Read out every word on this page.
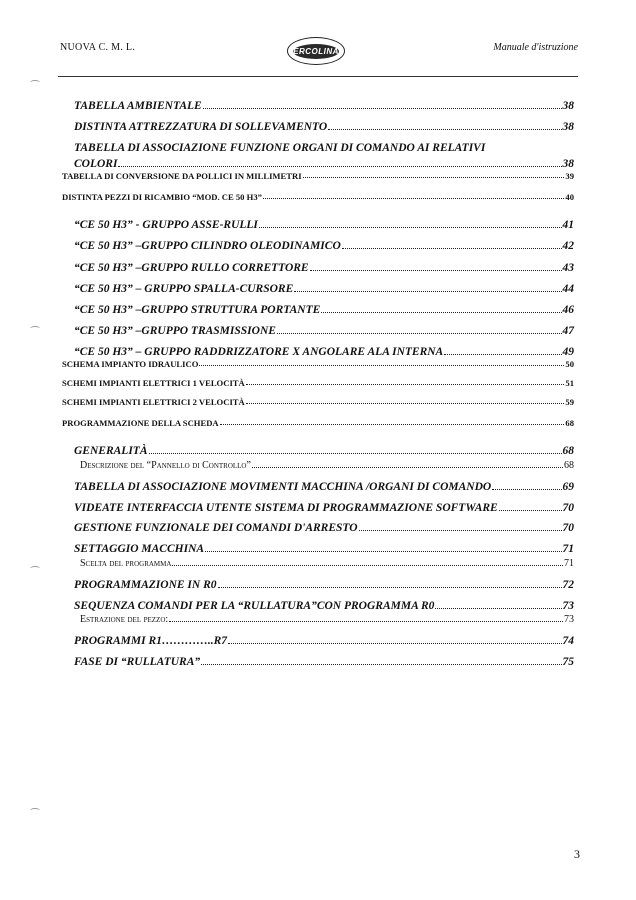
NUOVA C. M. L.	ERCOLINA	Manuale d'istruzione
TABELLA AMBIENTALE	38
DISTINTA ATTREZZATURA DI SOLLEVAMENTO	38
TABELLA DI ASSOCIAZIONE FUNZIONE ORGANI DI COMANDO AI RELATIVI
COLORI	38
TABELLA DI CONVERSIONE DA POLLICI IN MILLIMETRI	39
DISTINTA PEZZI DI RICAMBIO “MOD. CE 50 H3”	40
“CE 50 H3” - GRUPPO ASSE-RULLI	41
“CE 50 H3” –GRUPPO CILINDRO OLEODINAMICO	42
“CE 50 H3” –GRUPPO RULLO CORRETTORE	43
“CE 50 H3” – GRUPPO SPALLA-CURSORE	44
“CE 50 H3” –GRUPPO STRUTTURA PORTANTE	46
“CE 50 H3” –GRUPPO TRASMISSIONE	47
“CE 50 H3” – GRUPPO RADDRIZZATORE X ANGOLARE ALA INTERNA	49
SCHEMA IMPIANTO IDRAULICO	50
SCHEMI IMPIANTI ELETTRICI 1 VELOCITÀ	51
SCHEMI IMPIANTI ELETTRICI 2 VELOCITÀ	59
PROGRAMMAZIONE DELLA SCHEDA	68
GENERALITÀ	68
Descrizione del “Pannello di Controllo”	68
TABELLA DI ASSOCIAZIONE MOVIMENTI MACCHINA /ORGANI DI COMANDO	69
VIDEATE INTERFACCIA UTENTE SISTEMA DI PROGRAMMAZIONE SOFTWARE	70
GESTIONE FUNZIONALE DEI COMANDI D'ARRESTO	70
SETTAGGIO MACCHINA	71
Scelta del programma	71
PROGRAMMAZIONE IN R0	72
SEQUENZA COMANDI PER LA “RULLATURA”CON PROGRAMMA R0	73
Estrazione del pezzo:	73
PROGRAMMI R1…………..R7	74
FASE DI “RULLATURA”	75
3
